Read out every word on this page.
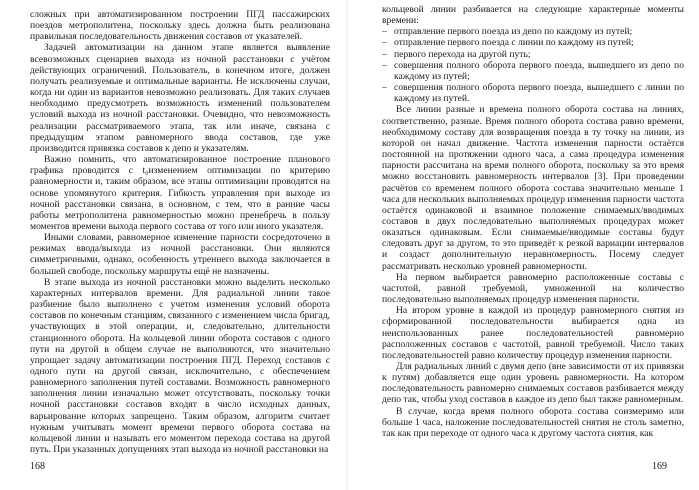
сложных при автоматизированном построении ПГД пассажирских поездов метрополитена, поскольку здесь должна быть реализована правильная последовательность движения составов от указателей.

Задачей автоматизации на данном этапе является выявление всевозможных сценариев выхода из ночной расстановки с учётом действующих ограничений. Пользователь, в конечном итоге, должен получать реализуемые и оптимальные варианты. Не исключены случаи, когда ни один из вариантов невозможно реализовать. Для таких случаев необходимо предусмотреть возможность изменений пользователем условий выхода из ночной расстановки. Очевидно, что невозможность реализации рассматриваемого этапа, так или иначе, связана с предыдущим этапом равномерного ввода составов, где уже производится привязка составов к депо и указателям.

Важно помнить, что автоматизированное построение планового графика проводится с t₀изменением оптимизации по критерию равномерности и, таким образом, все этапы оптимизации проводятся на основе упомянутого критерия. Гибкость управления при выходе из ночной расстановки связана, в основном, с тем, что в ранние часы работы метрополитена равномерностью можно пренебречь в пользу моментов времени выхода первого состава от того или иного указателя.

Иными словами, равномерное изменение парности сосредоточено в режимах ввода/выхода из ночной расстановки. Они являются симметричными, однако, особенность утреннего выхода заключается в большей свободе, поскольку маршруты ещё не назначены.

В этапе выхода из ночной расстановки можно выделить несколько характерных интервалов времени. Для радиальной линии такое разбиение было выполнено с учетом изменения условий оборота составов по конечным станциям, связанного с изменением числа бригад, участвующих в этой операции, и, следовательно, длительности станционного оборота. На кольцевой линии оборота составов с одного пути на другой в общем случае не выполняются, что значительно упрощает задачу автоматизации построения ПГД. Переход составов с одного пути на другой связан, исключительно, с обеспечением равномерного заполнения путей составами. Возможность равномерного заполнения линии изначально может отсутствовать, поскольку точки ночной расстановки составов входят в число исходных данных, варьирование которых запрещено. Таким образом, алгоритм считает нужным учитывать момент времени первого оборота состава на кольцевой линии и называть его моментом перехода состава на другой путь. При указанных допущениях этап выхода из ночной расстановки на

168

кольцевой линии разбивается на следующие характерные моменты времени:

– отправление первого поезда из депо по каждому из путей;
– отправление первого поезда с линии по каждому из путей;
– первого перехода на другой путь;
– совершения полного оборота первого поезда, вышедшего из депо по каждому из путей;
– совершения полного оборота первого поезда, вышедшего с линии по каждому из путей.

Все линии разные и времена полного оборота состава на линиях, соответственно, разные. Время полного оборота состава равно времени, необходимому составу для возвращения поезда в ту точку на линии, из которой он начал движение. Частота изменения парности остаётся постоянной на протяжении одного часа, а сама процедура изменения парности рассчитана на время полного оборота, поскольку за это время можно восстановить равномерность интервалов [3]. При проведении расчётов со временем полного оборота состава значительно меньше 1 часа для нескольких выполняемых процедур изменения парности частота остаётся одинаковой и взаимное положение снимаемых/вводимых составов в двух последовательно выполняемых процедурах может оказаться одинаковым. Если снимаемые/вводимые составы будут следовать друг за другом, то это приведёт к резкой вариации интервалов и создаст дополнительную неравномерность. Посему следует рассматривать несколько уровней равномерности.

На первом выбирается равномерно расположенные составы с частотой, равной требуемой, умноженной на количество последовательно выполняемых процедур изменения парности.

На втором уровне в каждой из процедур равномерного снятия из сформированной последовательности выбирается одна из неиспользованных ранее последовательностей равномерно расположенных составов с частотой, равной требуемой. Число таких последовательностей равно количеству процедур изменения парности.

Для радиальных линий с двумя депо (вне зависимости от их привязки к путям) добавляется еще один уровень равномерности. На котором последовательность равномерно снимаемых составов разбивается между депо так, чтобы уход составов в каждое из депо был также равномерным.

В случае, когда время полного оборота состава соизмеримо или больше 1 часа, наложение последовательностей снятия не столь заметно, так как при переходе от одного часа к другому частота снятия, как

169
